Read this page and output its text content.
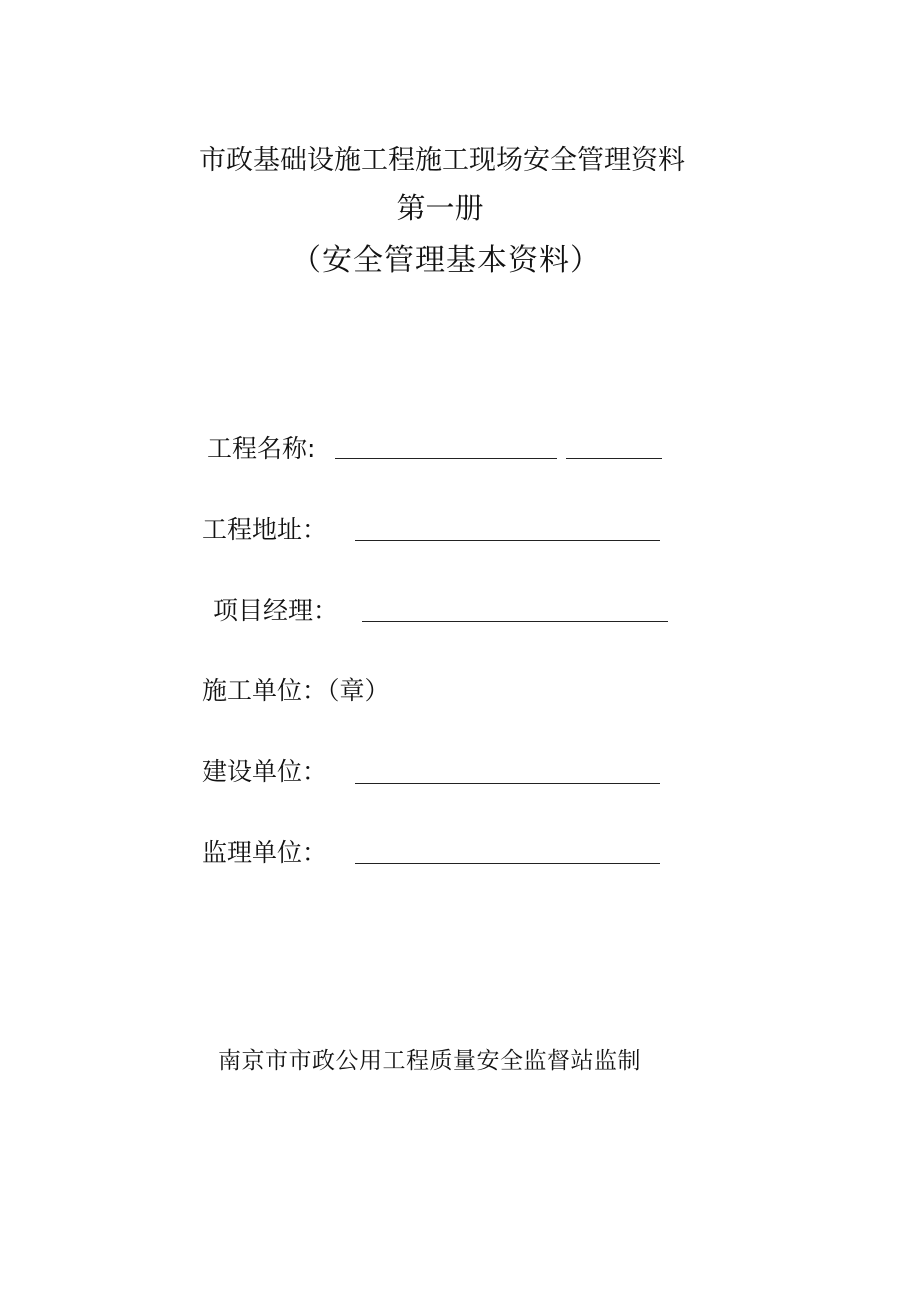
市政基础设施工程施工现场安全管理资料
第一册
（安全管理基本资料）
工程名称:
工程地址：
项目经理：
施工单位：（章）
建设单位：
监理单位：
南京市市政公用工程质量安全监督站监制
